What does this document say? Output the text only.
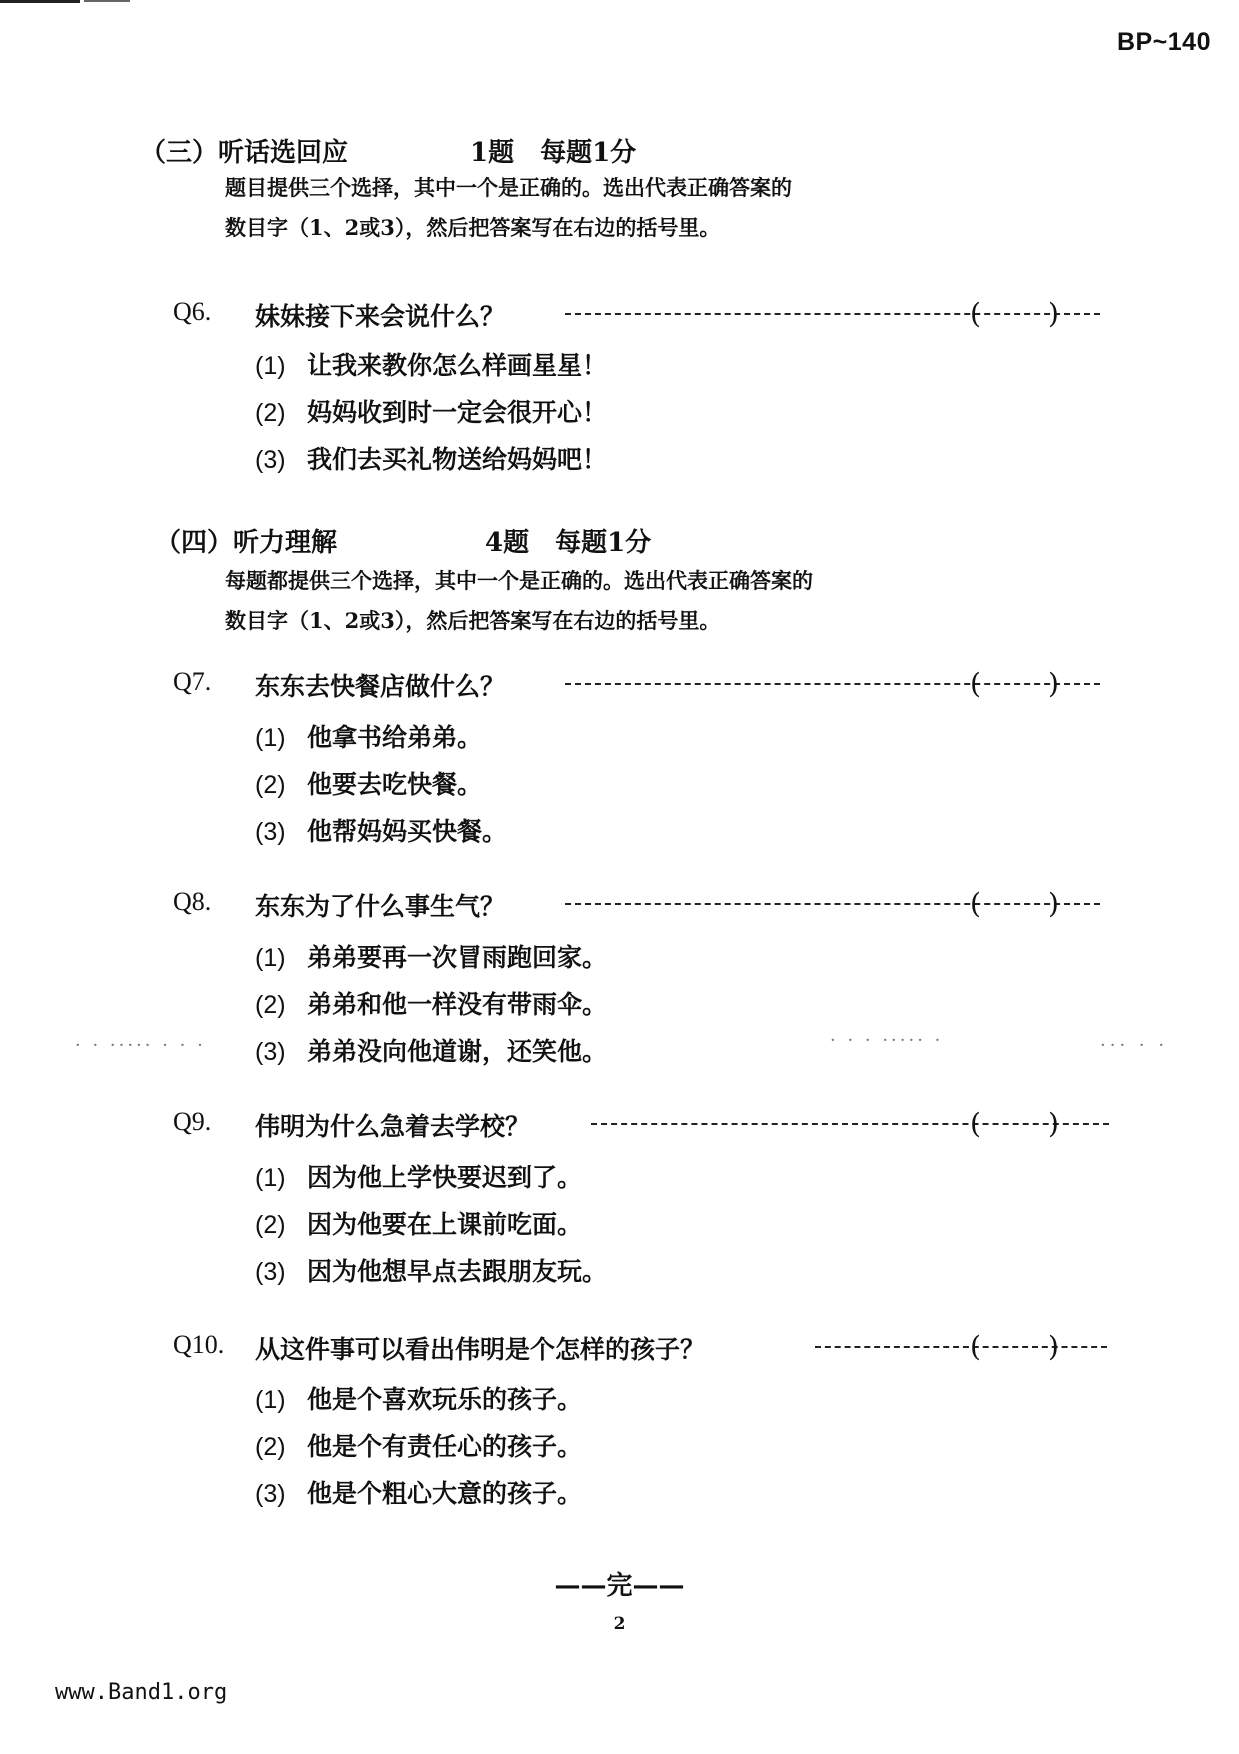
BP~140
（三）听话选回应	1题　每题1分
题目提供三个选择，其中一个是正确的。选出代表正确答案的
数目字（1、2或3），然后把答案写在右边的括号里。
Q6. 妹妹接下来会说什么？	( )
(1) 让我来教你怎么样画星星！
(2) 妈妈收到时一定会很开心！
(3) 我们去买礼物送给妈妈吧！
（四）听力理解	4题　每题1分
每题都提供三个选择，其中一个是正确的。选出代表正确答案的
数目字（1、2或3），然后把答案写在右边的括号里。
Q7. 东东去快餐店做什么？	( )
(1) 他拿书给弟弟。
(2) 他要去吃快餐。
(3) 他帮妈妈买快餐。
Q8. 东东为了什么事生气？	( )
(1) 弟弟要再一次冒雨跑回家。
(2) 弟弟和他一样没有带雨伞。
(3) 弟弟没向他道谢，还笑他。
· · ····· · · ·	· · · ····· ·	··· · ·
Q9. 伟明为什么急着去学校？	( )
(1) 因为他上学快要迟到了。
(2) 因为他要在上课前吃面。
(3) 因为他想早点去跟朋友玩。
Q10. 从这件事可以看出伟明是个怎样的孩子？	( )
(1) 他是个喜欢玩乐的孩子。
(2) 他是个有责任心的孩子。
(3) 他是个粗心大意的孩子。
——完——
2
www.Band1.org
